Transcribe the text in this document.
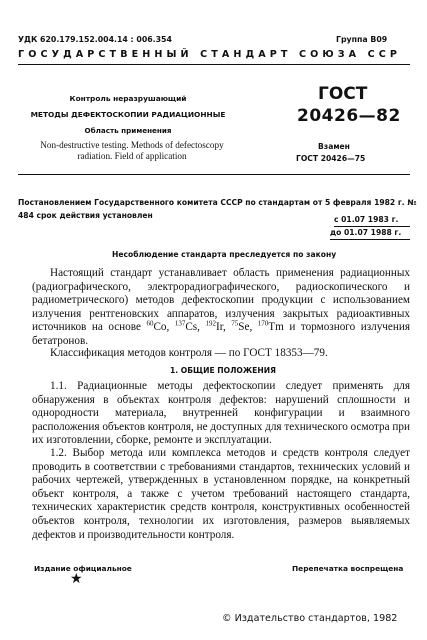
УДК 620.179.152.004.14 : 006.354	Группа В09
ГОСУДАРСТВЕННЫЙ СТАНДАРТ СОЮЗА ССР
Контроль неразрушающий
МЕТОДЫ ДЕФЕКТОСКОПИИ РАДИАЦИОННЫЕ
Область применения
Non-destructive testing. Methods of defectoscopy radiation. Field of application
ГОСТ
20426—82
Взамен
ГОСТ 20426—75
Постановлением Государственного комитета СССР по стандартам от 5 февраля 1982 г. № 484 срок действия установлен	с 01.07 1983 г.
до 01.07 1988 г.
Несоблюдение стандарта преследуется по закону
Настоящий стандарт устанавливает область применения радиационных (радиографического, электрорадиографического, радиоскопического и радиометрического) методов дефектоскопии продукции с использованием излучения рентгеновских аппаратов, излучения закрытых радиоактивных источников на основе $^{60}$Co, $^{137}$Cs, $^{192}$Ir, $^{75}$Se, $^{170}$Tm и тормозного излучения бетатронов.
Классификация методов контроля — по ГОСТ 18353—79.
1. ОБЩИЕ ПОЛОЖЕНИЯ
1.1. Радиационные методы дефектоскопии следует применять для обнаружения в объектах контроля дефектов: нарушений сплошности и однородности материала, внутренней конфигурации и взаимного расположения объектов контроля, не доступных для технического осмотра при их изготовлении, сборке, ремонте и эксплуатации.
1.2. Выбор метода или комплекса методов и средств контроля следует проводить в соответствии с требованиями стандартов, технических условий и рабочих чертежей, утвержденных в установленном порядке, на конкретный объект контроля, а также с учетом требований настоящего стандарта, технических характеристик средств контроля, конструктивных особенностей объектов контроля, технологии их изготовления, размеров выявляемых дефектов и производительности контроля.
Издание официальное	Перепечатка воспрещена
★
© Издательство стандартов, 1982
